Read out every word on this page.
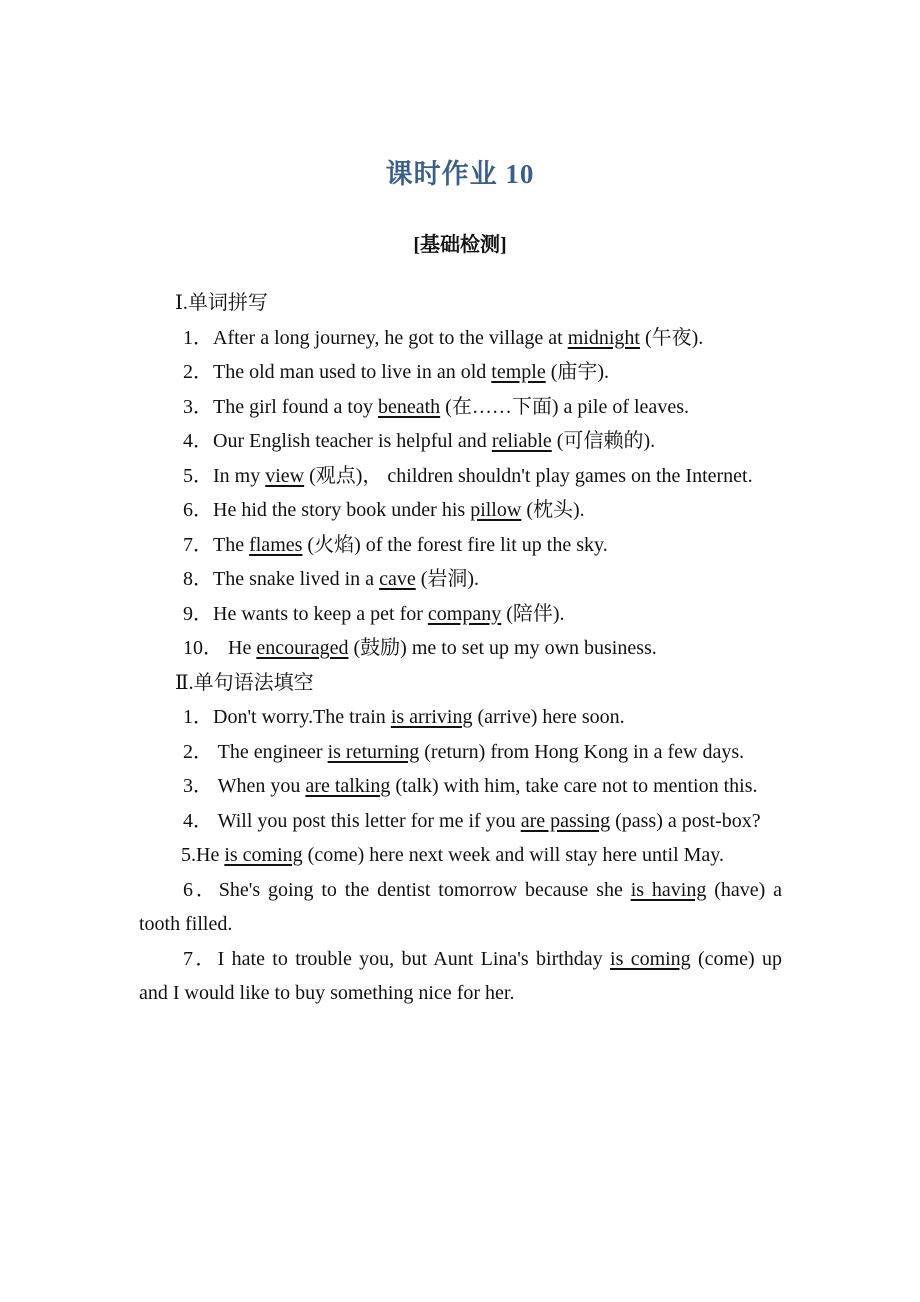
课时作业 10
[基础检测]

Ⅰ.单词拼写

1．After a long journey, he got to the village at midnight (午夜).

2．The old man used to live in an old temple (庙宇).

3．The girl found a toy beneath (在……下面) a pile of leaves.

4．Our English teacher is helpful and reliable (可信赖的).

5．In my view (观点)， children shouldn't play games on the Internet.

6．He hid the story book under his pillow (枕头).

7．The flames (火焰) of the forest fire lit up the sky.

8．The snake lived in a cave (岩洞).

9．He wants to keep a pet for company (陪伴).

10． He encouraged (鼓励) me to set up my own business.

Ⅱ.单句语法填空

1．Don't worry.The train is arriving (arrive) here soon.

2． The engineer is returning (return) from Hong Kong in a few days.

3． When you are talking (talk) with him, take care not to mention this.

4． Will you post this letter for me if you are passing (pass) a post-box?

5.He is coming (come) here next week and will stay here until May.

6．She's going to the dentist tomorrow because she is having (have) a tooth filled.

7．I hate to trouble you, but Aunt Lina's birthday is coming (come) up and I would like to buy something nice for her.
